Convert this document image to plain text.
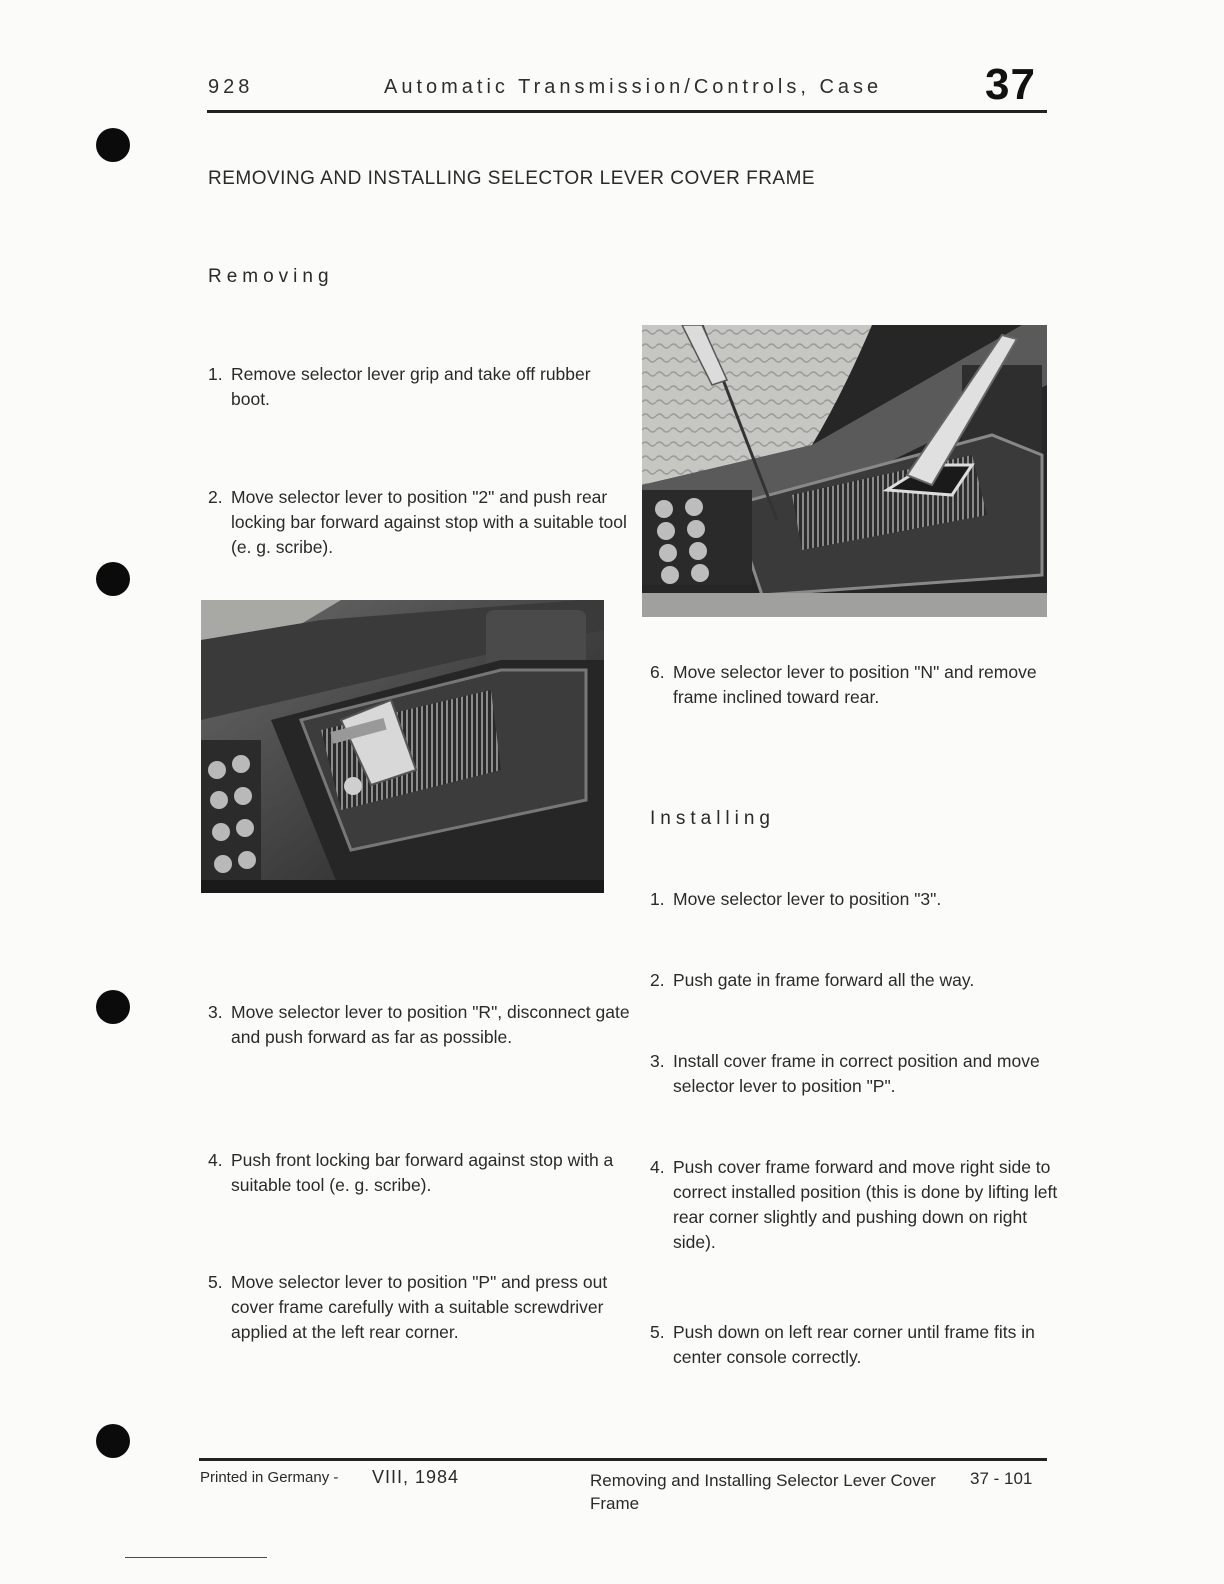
928	Automatic Transmission/Controls, Case 37
REMOVING AND INSTALLING SELECTOR LEVER COVER FRAME
Removing
1. Remove selector lever grip and take off rubber boot.
2. Move selector lever to position "2" and push rear locking bar forward against stop with a suitable tool (e. g. scribe).
3. Move selector lever to position "R", disconnect gate and push forward as far as possible.
4. Push front locking bar forward against stop with a suitable tool (e. g. scribe).
5. Move selector lever to position "P" and press out cover frame carefully with a suitable screwdriver applied at the left rear corner.
6. Move selector lever to position "N" and remove frame inclined toward rear.
Installing
1. Move selector lever to position "3".
2. Push gate in frame forward all the way.
3. Install cover frame in correct position and move selector lever to position "P".
4. Push cover frame forward and move right side to correct installed position (this is done by lifting left rear corner slightly and pushing down on right side).
5. Push down on left rear corner until frame fits in center console correctly.
Printed in Germany - VIII, 1984	Removing and Installing Selector Lever Cover Frame
37 - 101
